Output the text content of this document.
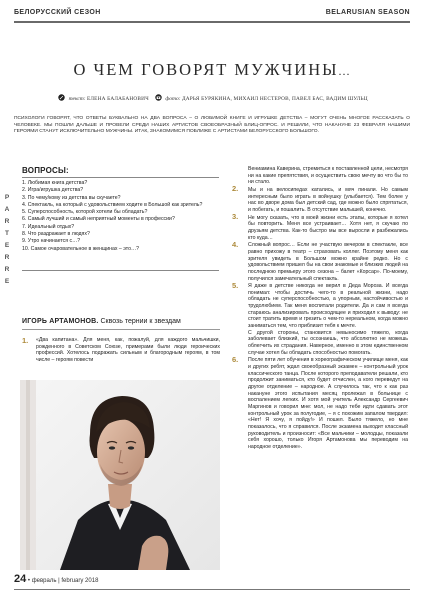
БЕЛОРУССКИЙ СЕЗОН	BELARUSIAN SEASON
О ЧЕМ ГОВОРЯТ МУЖЧИНЫ...
текст: ЕЛЕНА БАЛАБАНОВИЧ	фото: ДАРЬЯ БУРЯКИНА, МИХАИЛ НЕСТЕРОВ, ПАВЕЛ БАС, ВАДИМ ШУЛЬЦ
ПСИХОЛОГИ ГОВОРЯТ, ЧТО ОТВЕТЫ БУКВАЛЬНО НА ДВА ВОПРОСА – О ЛЮБИМОЙ КНИГЕ И ИГРУШКЕ ДЕТСТВА – МОГУТ ОЧЕНЬ МНОГОЕ РАССКАЗАТЬ О ЧЕЛОВЕКЕ. МЫ ПОШЛИ ДАЛЬШЕ И ПРОВЕЛИ СРЕДИ НАШИХ АРТИСТОВ СВОЕОБРАЗНЫЙ БЛИЦ-ОПРОС. И РЕШИЛИ, ЧТО НАКАНУНЕ 23 ФЕВРАЛЯ НАШИМИ ГЕРОЯМИ СТАНУТ ИСКЛЮЧИТЕЛЬНО МУЖЧИНЫ. ИТАК, ЗНАКОМИМСЯ ПОБЛИЖЕ С АРТИСТАМИ БЕЛОРУССКОГО БОЛЬШОГО.
P
A
R
T
E
R
R
E
ВОПРОСЫ:
1. Любимая книга детства?
2. Игра/игрушка детства?
3. По чему/кому из детства вы скучаете?
4. Спектакль, на который с удовольствием ходите в Большой как зритель?
5. Суперспособность, которой хотели бы обладать?
6. Самый лучший и самый неприятный моменты в профессии?
7. Идеальный отдых?
8. Что раздражает в людях?
9. Утро начинается с…?
10. Самое очаровательное в женщинах – это…?
ИГОРЬ АРТАМОНОВ. Сквозь тернии к звездам
1. «Два капитана». Для меня, как, пожалуй, для каждого мальчишки, рожденного в Советском Союзе, примерами были люди героических профессий. Хотелось подражать сильным и благородным героям, в том числе – героям повести

Вениамина Каверина, стремиться к поставленной цели, несмотря ни на какие препятствия, и осуществить свою мечту во что бы то ни стало.

2. Мы и на велосипедах катались, и мяч пинали. Но самым интересным было играть в войнушку (улыбается). Тем более у нас во дворе дома был детский сад, где можно было спрятаться, и побегать, и пошалить. В отсутствие малышей, конечно.

3. Не могу сказать, что в моей жизни есть этапы, которые я хотел бы повторить. Меня все устраивает… Хотя нет, я скучаю по друзьям детства. Как-то быстро мы все выросли и разбежались кто куда…

4. Сложный вопрос… Если не участвую вечером в спектакле, все равно прихожу в театр – страховать коллег. Поэтому меня как зрителя увидеть в Большом можно крайне редко. Но с удовольствием пришел бы на свои знакомые и близких людей на последнюю премьеру этого сезона – балет «Корсар». По-моему, получился замечательный спектакль.

5. Я даже в детстве никогда не верил в Деда Мороза. И всегда понимал: чтобы достичь чего-то в реальной жизни, надо обладать не суперспособностью, а упорным, настойчивостью и трудолюбием. Так меня воспитали родители. Да и сам я всегда стараюсь анализировать происходящее и приходил к выводу: не стоит тратить время и грезить о чем-то нереальном, когда можно заниматься тем, что приблизит тебя к мечте.

С другой стороны, становится невыносимо тяжело, когда заболевает близкий, ты осознаешь, что абсолютно не можешь облегчить их страдания. Наверное, именно в этом единственном случае хотел бы обладать способностью помогать.

6. После пяти лет обучения в хореографическом училище меня, как и других ребят, ждал своеобразный экзамен – контрольный урок классического танца. После которого преподаватели решали, кто продолжит заниматься, кто будет отчислен, а кого переведут на другое отделение – народное. А случилось так, что к как раз накануне этого испытания месяц пролежал в больнице с воспалением легких. И хотя мой учитель Александр Сергеевич Маргинов и говорил мне: мол, не надо тебе идти сдавать этот контрольный урок за полугодие, – я с похожим запалом твердил: «Нет! Я хочу, я пойду!» И пошел. Было тяжело, но мне показалось, что я справился. После экзамена выходит классный руководитель и произносит: «Все мальчики – молодцы, показали себя хорошо, только Игоря Артамонова мы переводим на народное отделение».

24 • февраль | february 2018
